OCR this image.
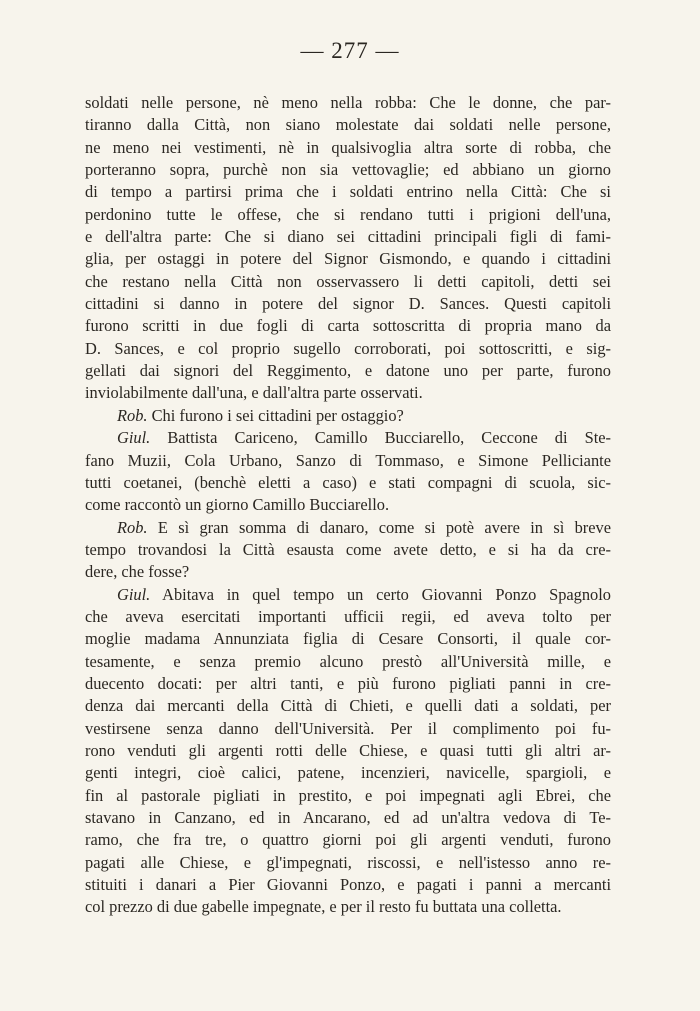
— 277 —
soldati nelle persone, nè meno nella robba: Che le donne, che par-
tiranno dalla Città, non siano molestate dai soldati nelle persone,
ne meno nei vestimenti, nè in qualsivoglia altra sorte di robba, che
porteranno sopra, purchè non sia vettovaglie; ed abbiano un giorno
di tempo a partirsi prima che i soldati entrino nella Città: Che si
perdonino tutte le offese, che si rendano tutti i prigioni dell'una,
e dell'altra parte: Che si diano sei cittadini principali figli di fami-
glia, per ostaggi in potere del Signor Gismondo, e quando i cittadini
che restano nella Città non osservassero li detti capitoli, detti sei
cittadini si danno in potere del signor D. Sances. Questi capitoli
furono scritti in due fogli di carta sottoscritta di propria mano da
D. Sances, e col proprio sugello corroborati, poi sottoscritti, e sig-
gellati dai signori del Reggimento, e datone uno per parte, furono
inviolabilmente dall'una, e dall'altra parte osservati.
Rob. Chi furono i sei cittadini per ostaggio?
Giul. Battista Cariceno, Camillo Bucciarello, Ceccone di Ste-
fano Muzii, Cola Urbano, Sanzo di Tommaso, e Simone Pelliciante
tutti coetanei, (benchè eletti a caso) e stati compagni di scuola, sic-
come raccontò un giorno Camillo Bucciarello.
Rob. E sì gran somma di danaro, come si potè avere in sì breve
tempo trovandosi la Città esausta come avete detto, e si ha da cre-
dere, che fosse?
Giul. Abitava in quel tempo un certo Giovanni Ponzo Spagnolo
che aveva esercitati importanti ufficii regii, ed aveva tolto per
moglie madama Annunziata figlia di Cesare Consorti, il quale cor-
tesamente, e senza premio alcuno prestò all'Università mille, e
duecento docati: per altri tanti, e più furono pigliati panni in cre-
denza dai mercanti della Città di Chieti, e quelli dati a soldati, per
vestirsene senza danno dell'Università. Per il complimento poi fu-
rono venduti gli argenti rotti delle Chiese, e quasi tutti gli altri ar-
genti integri, cioè calici, patene, incenzieri, navicelle, spargioli, e
fin al pastorale pigliati in prestito, e poi impegnati agli Ebrei, che
stavano in Canzano, ed in Ancarano, ed ad un'altra vedova di Te-
ramo, che fra tre, o quattro giorni poi gli argenti venduti, furono
pagati alle Chiese, e gl'impegnati, riscossi, e nell'istesso anno re-
stituiti i danari a Pier Giovanni Ponzo, e pagati i panni a mercanti
col prezzo di due gabelle impegnate, e per il resto fu buttata una colletta.
